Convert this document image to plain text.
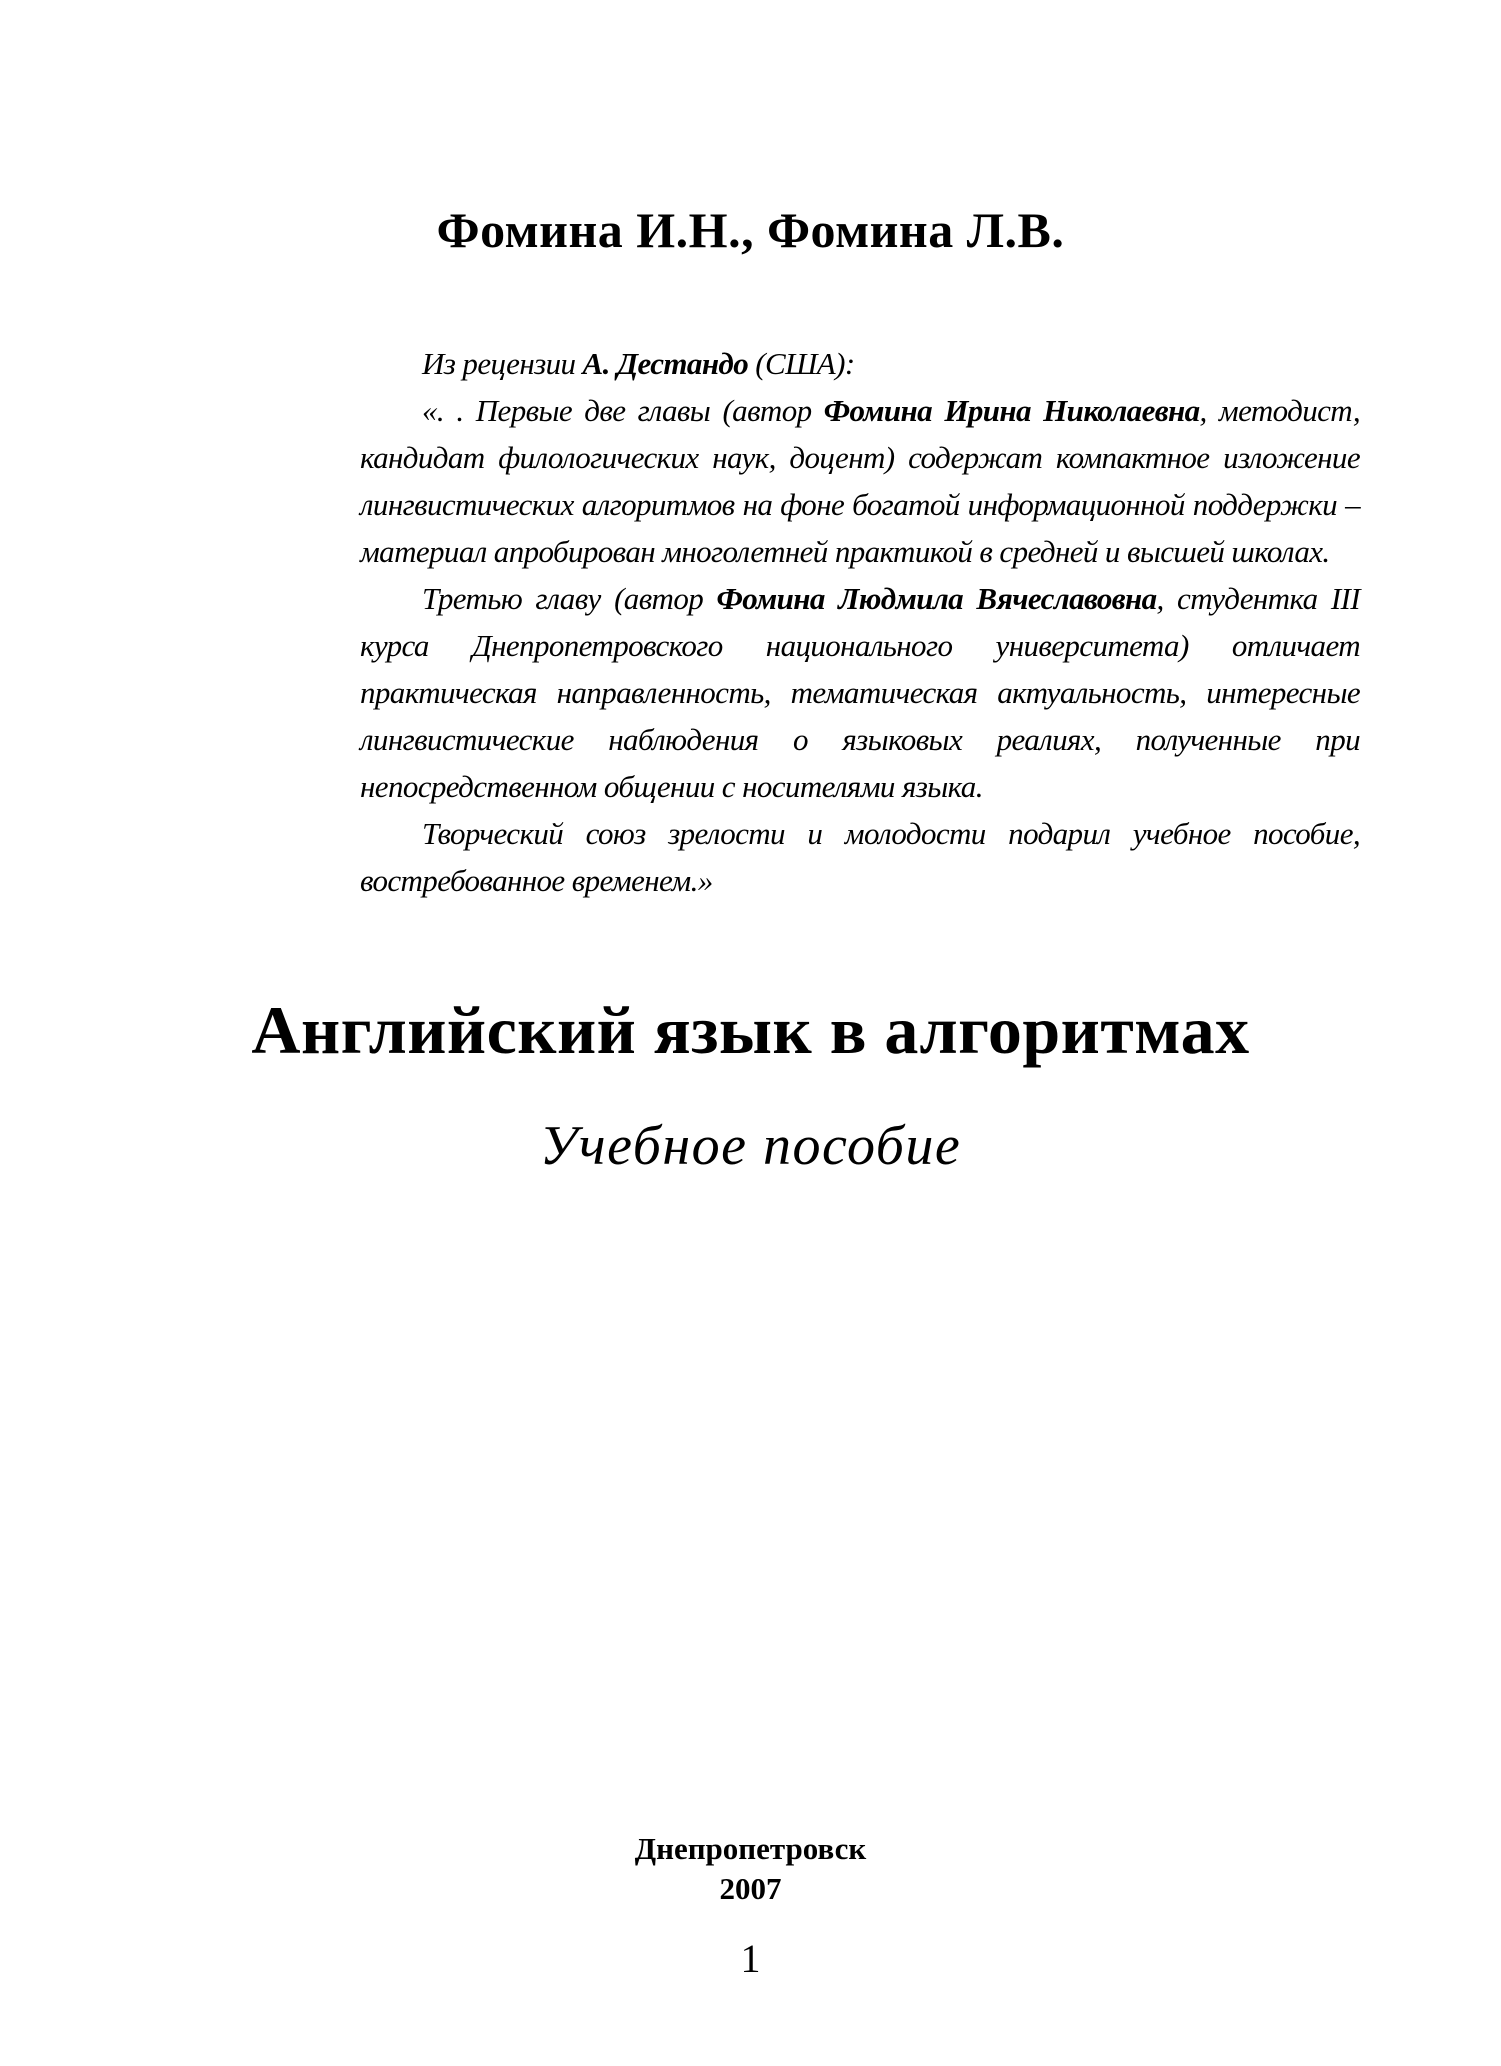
Фомина И.Н., Фомина Л.В.

Из рецензии А. Дестандо (США):

«. . Первые две главы (автор Фомина Ирина Николаевна, методист, кандидат филологических наук, доцент) содержат компактное изложение лингвистических алгоритмов на фоне богатой информационной поддержки – материал апробирован многолетней практикой в средней и высшей школах.

Третью главу (автор Фомина Людмила Вячеславовна, студентка III курса Днепропетровского национального университета) отличает практическая направленность, тематическая актуальность, интересные лингвистические наблюдения о языковых реалиях, полученные при непосредственном общении с носителями языка.

Творческий союз зрелости и молодости подарил учебное пособие, востребованное временем.»

Английский язык в алгоритмах
Учебное пособие
Днепропетровск
2007
1
